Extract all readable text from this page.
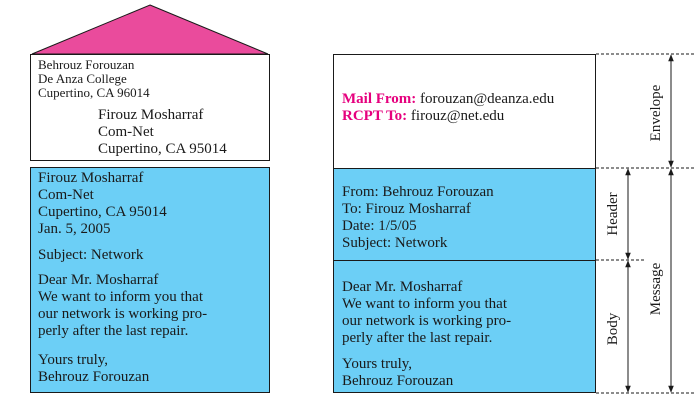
Behrouz Forouzan
De Anza College
Cupertino, CA 96014
Firouz Mosharraf
Com-Net
Cupertino, CA 95014
Firouz Mosharraf
Com-Net
Cupertino, CA 95014
Jan. 5, 2005
Subject: Network
Dear Mr. Mosharraf
We want to inform you that
our network is working pro-
perly after the last repair.
Yours truly,
Behrouz Forouzan
Mail From: forouzan@deanza.edu
RCPT To: firouz@net.edu
From: Behrouz Forouzan
To: Firouz Mosharraf
Date: 1/5/05
Subject: Network
Dear Mr. Mosharraf
We want to inform you that
our network is working pro-
perly after the last repair.
Yours truly,
Behrouz Forouzan
Envelope
Header
Body
Message
